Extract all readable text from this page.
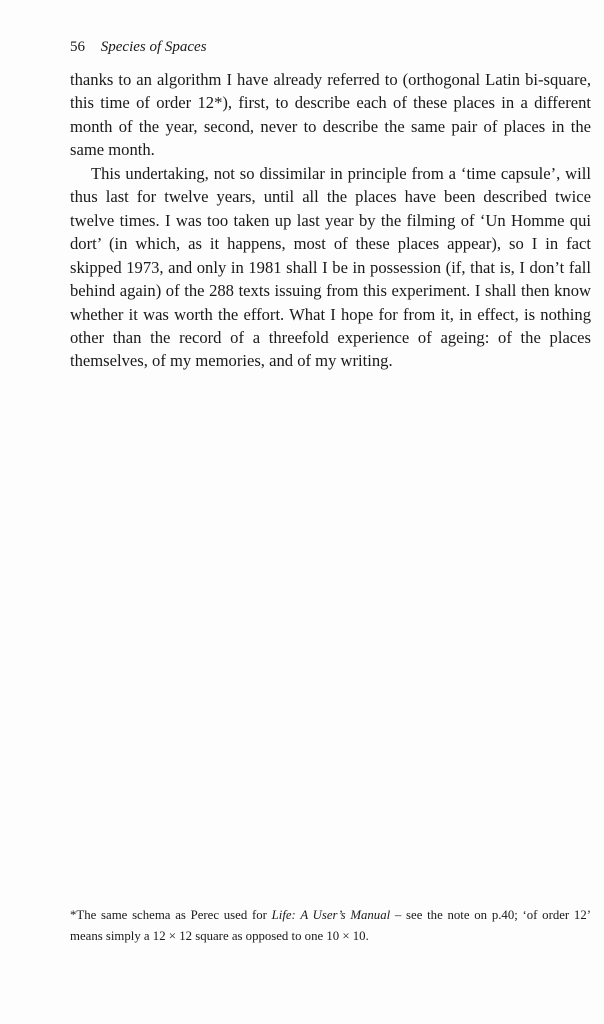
56 Species of Spaces

thanks to an algorithm I have already referred to (orthogonal Latin bi-square, this time of order 12*), first, to describe each of these places in a different month of the year, second, never to describe the same pair of places in the same month.

This undertaking, not so dissimilar in principle from a ‘time capsule’, will thus last for twelve years, until all the places have been described twice twelve times. I was too taken up last year by the filming of ‘Un Homme qui dort’ (in which, as it happens, most of these places appear), so I in fact skipped 1973, and only in 1981 shall I be in possession (if, that is, I don’t fall behind again) of the 288 texts issuing from this experiment. I shall then know whether it was worth the effort. What I hope for from it, in effect, is nothing other than the record of a threefold experience of ageing: of the places themselves, of my memories, and of my writing.

*The same schema as Perec used for Life: A User’s Manual – see the note on p.40; ‘of order 12’ means simply a 12 × 12 square as opposed to one 10 × 10.
